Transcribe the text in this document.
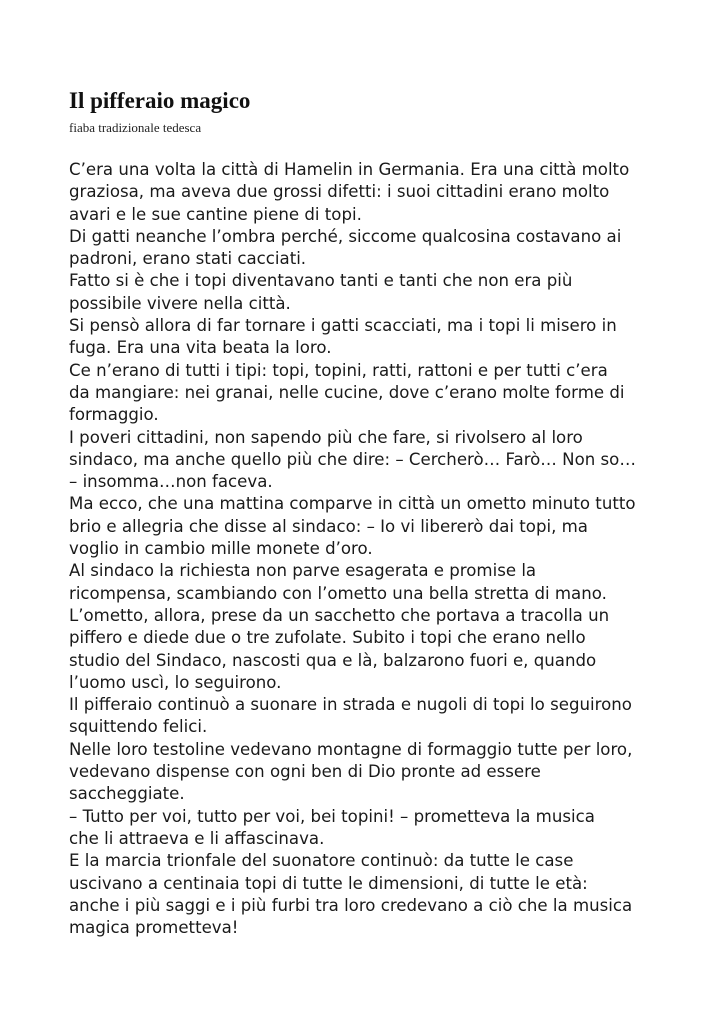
Il pifferaio magico

fiaba tradizionale tedesca

C’era una volta la città di Hamelin in Germania. Era una città molto
graziosa, ma aveva due grossi difetti: i suoi cittadini erano molto
avari e le sue cantine piene di topi.
Di gatti neanche l’ombra perché, siccome qualcosina costavano ai
padroni, erano stati cacciati.
Fatto si è che i topi diventavano tanti e tanti che non era più
possibile vivere nella città.
Si pensò allora di far tornare i gatti scacciati, ma i topi li misero in
fuga. Era una vita beata la loro.
Ce n’erano di tutti i tipi: topi, topini, ratti, rattoni e per tutti c’era
da mangiare: nei granai, nelle cucine, dove c’erano molte forme di
formaggio.
I poveri cittadini, non sapendo più che fare, si rivolsero al loro
sindaco, ma anche quello più che dire: – Cercherò… Farò… Non so…
– insomma…non faceva.
Ma ecco, che una mattina comparve in città un ometto minuto tutto
brio e allegria che disse al sindaco: – Io vi libererò dai topi, ma
voglio in cambio mille monete d’oro.
Al sindaco la richiesta non parve esagerata e promise la
ricompensa, scambiando con l’ometto una bella stretta di mano.
L’ometto, allora, prese da un sacchetto che portava a tracolla un
piffero e diede due o tre zufolate. Subito i topi che erano nello
studio del Sindaco, nascosti qua e là, balzarono fuori e, quando
l’uomo uscì, lo seguirono.
Il pifferaio continuò a suonare in strada e nugoli di topi lo seguirono
squittendo felici.
Nelle loro testoline vedevano montagne di formaggio tutte per loro,
vedevano dispense con ogni ben di Dio pronte ad essere
saccheggiate.
– Tutto per voi, tutto per voi, bei topini! – prometteva la musica
che li attraeva e li affascinava.
E la marcia trionfale del suonatore continuò: da tutte le case
uscivano a centinaia topi di tutte le dimensioni, di tutte le età:
anche i più saggi e i più furbi tra loro credevano a ciò che la musica
magica prometteva!
